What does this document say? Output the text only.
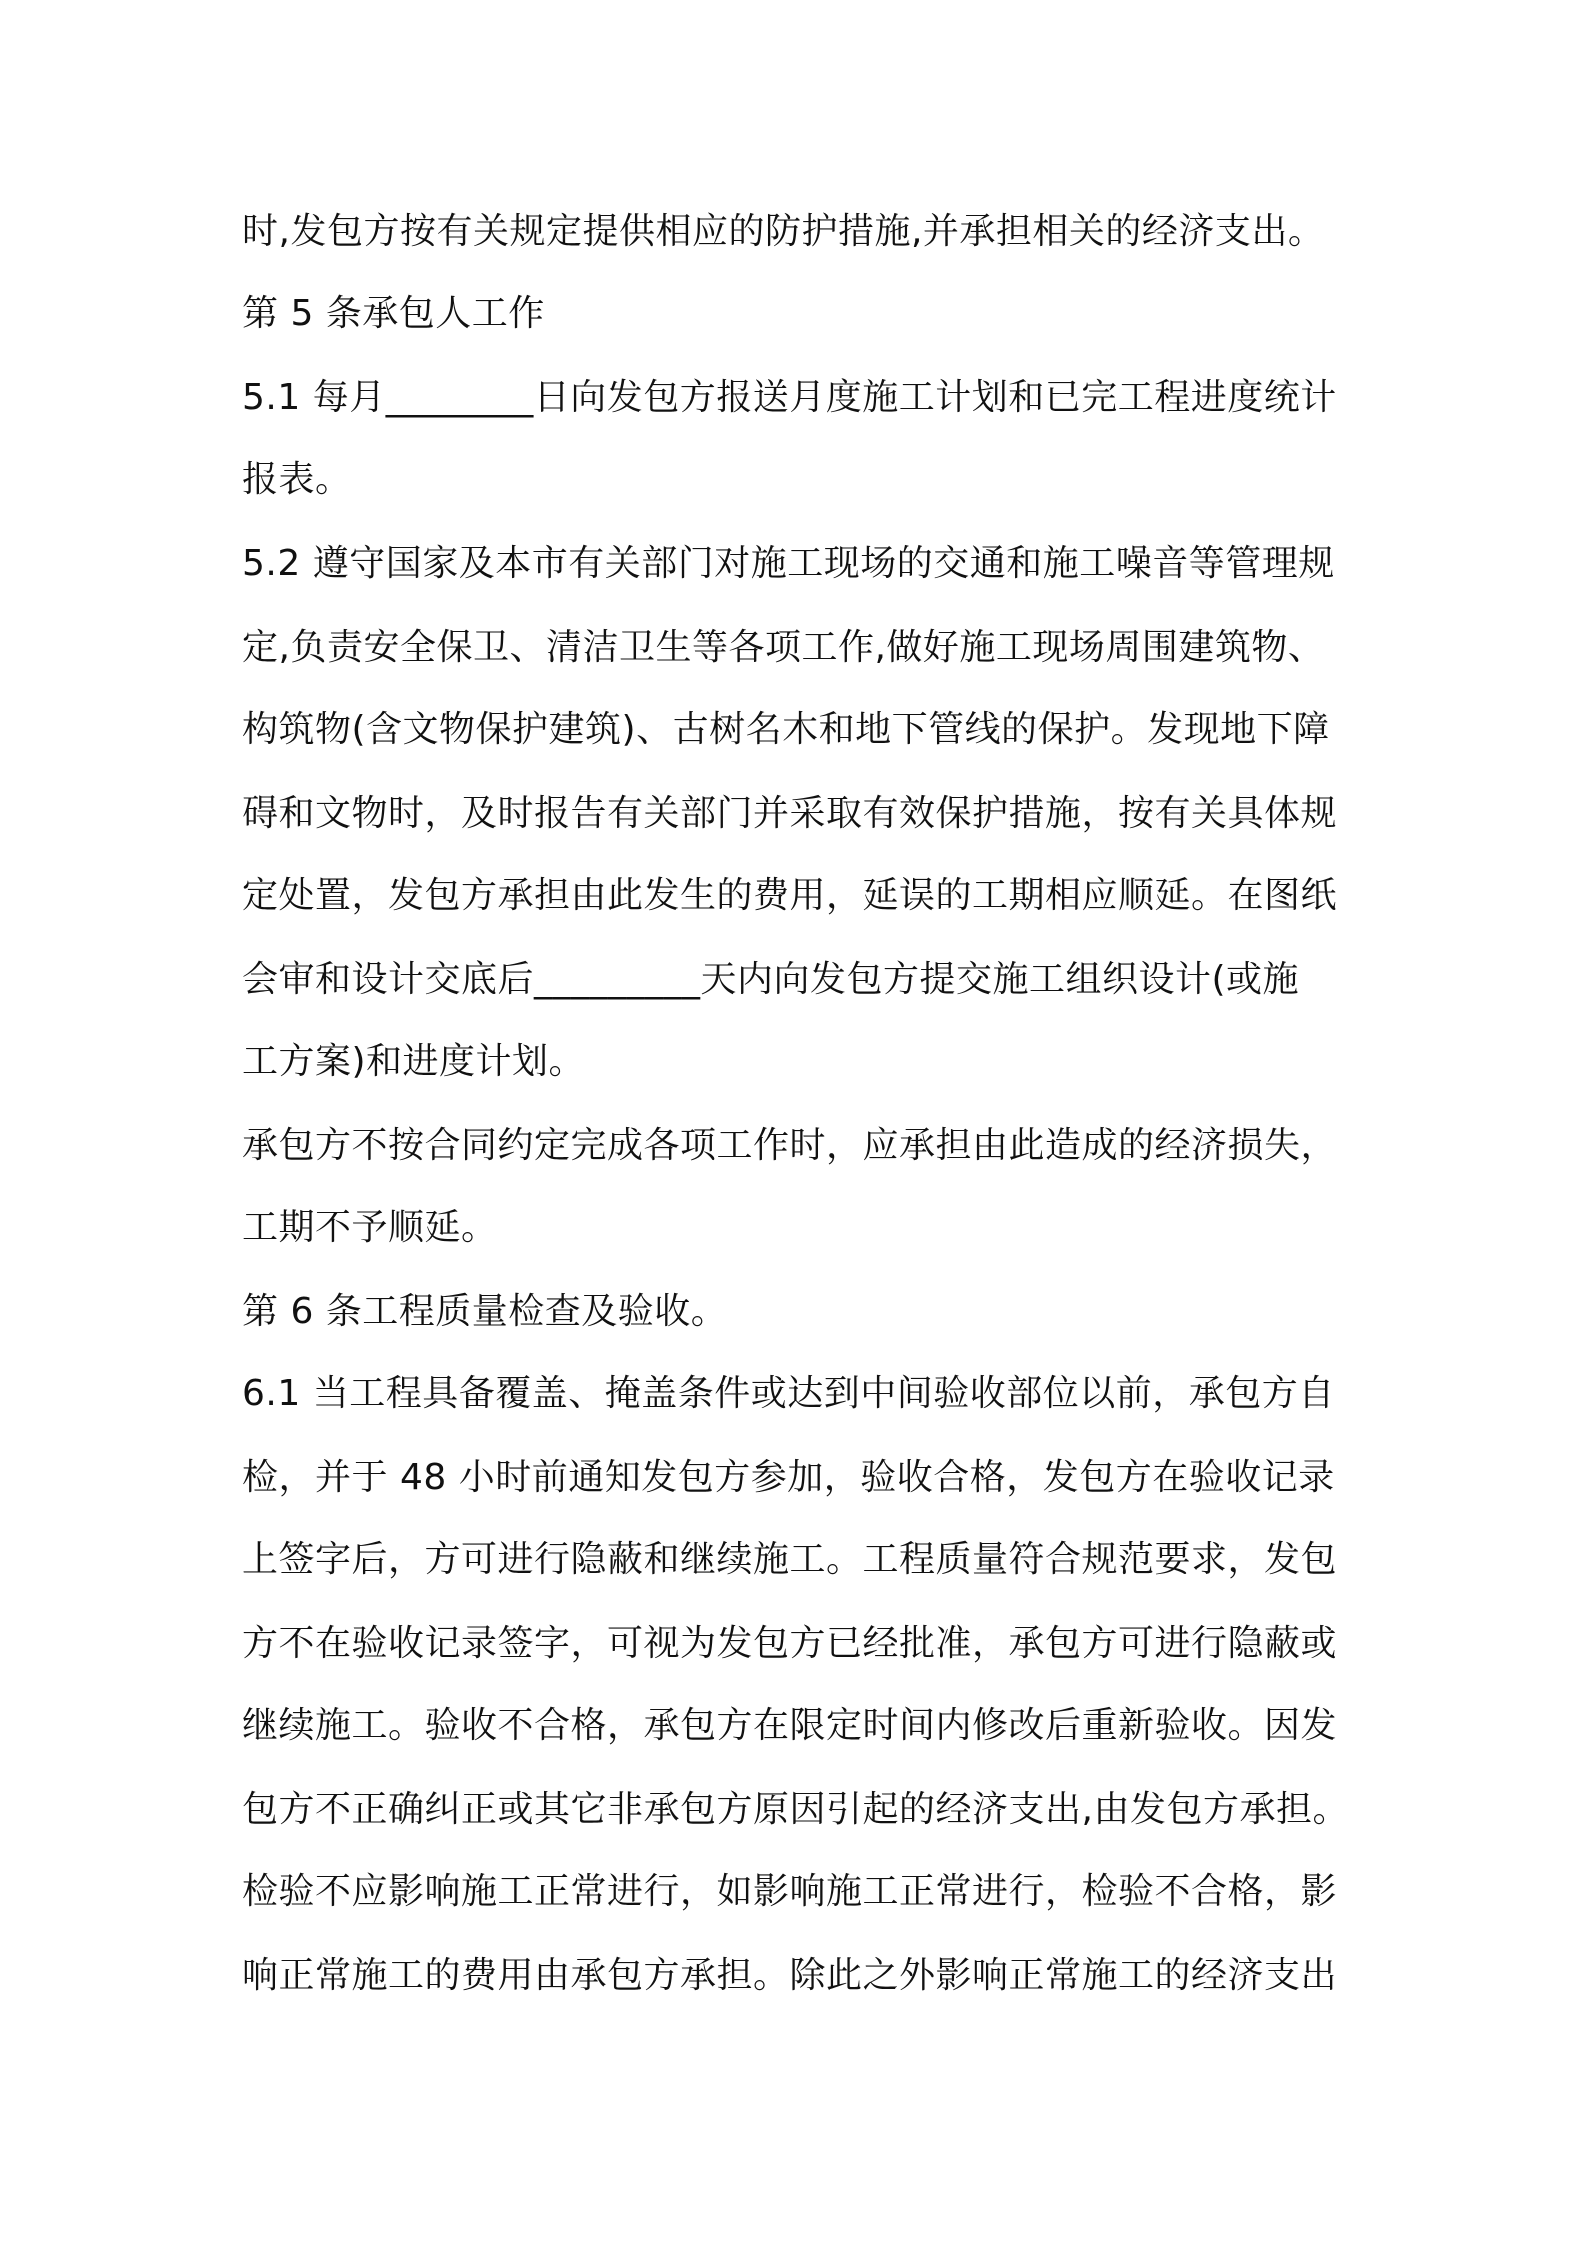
时,发包方按有关规定提供相应的防护措施,并承担相关的经济支出。
第 5 条承包人工作
5.1 每月________日向发包方报送月度施工计划和已完工程进度统计
报表。
5.2 遵守国家及本市有关部门对施工现场的交通和施工噪音等管理规
定,负责安全保卫、清洁卫生等各项工作,做好施工现场周围建筑物、
构筑物(含文物保护建筑)、古树名木和地下管线的保护。发现地下障
碍和文物时，及时报告有关部门并采取有效保护措施，按有关具体规
定处置，发包方承担由此发生的费用，延误的工期相应顺延。在图纸
会审和设计交底后_________天内向发包方提交施工组织设计(或施
工方案)和进度计划。
承包方不按合同约定完成各项工作时，应承担由此造成的经济损失，
工期不予顺延。
第 6 条工程质量检查及验收。
6.1 当工程具备覆盖、掩盖条件或达到中间验收部位以前，承包方自
检，并于 48 小时前通知发包方参加，验收合格，发包方在验收记录
上签字后，方可进行隐蔽和继续施工。工程质量符合规范要求，发包
方不在验收记录签字，可视为发包方已经批准，承包方可进行隐蔽或
继续施工。验收不合格，承包方在限定时间内修改后重新验收。因发
包方不正确纠正或其它非承包方原因引起的经济支出,由发包方承担。
检验不应影响施工正常进行，如影响施工正常进行，检验不合格，影
响正常施工的费用由承包方承担。除此之外影响正常施工的经济支出
